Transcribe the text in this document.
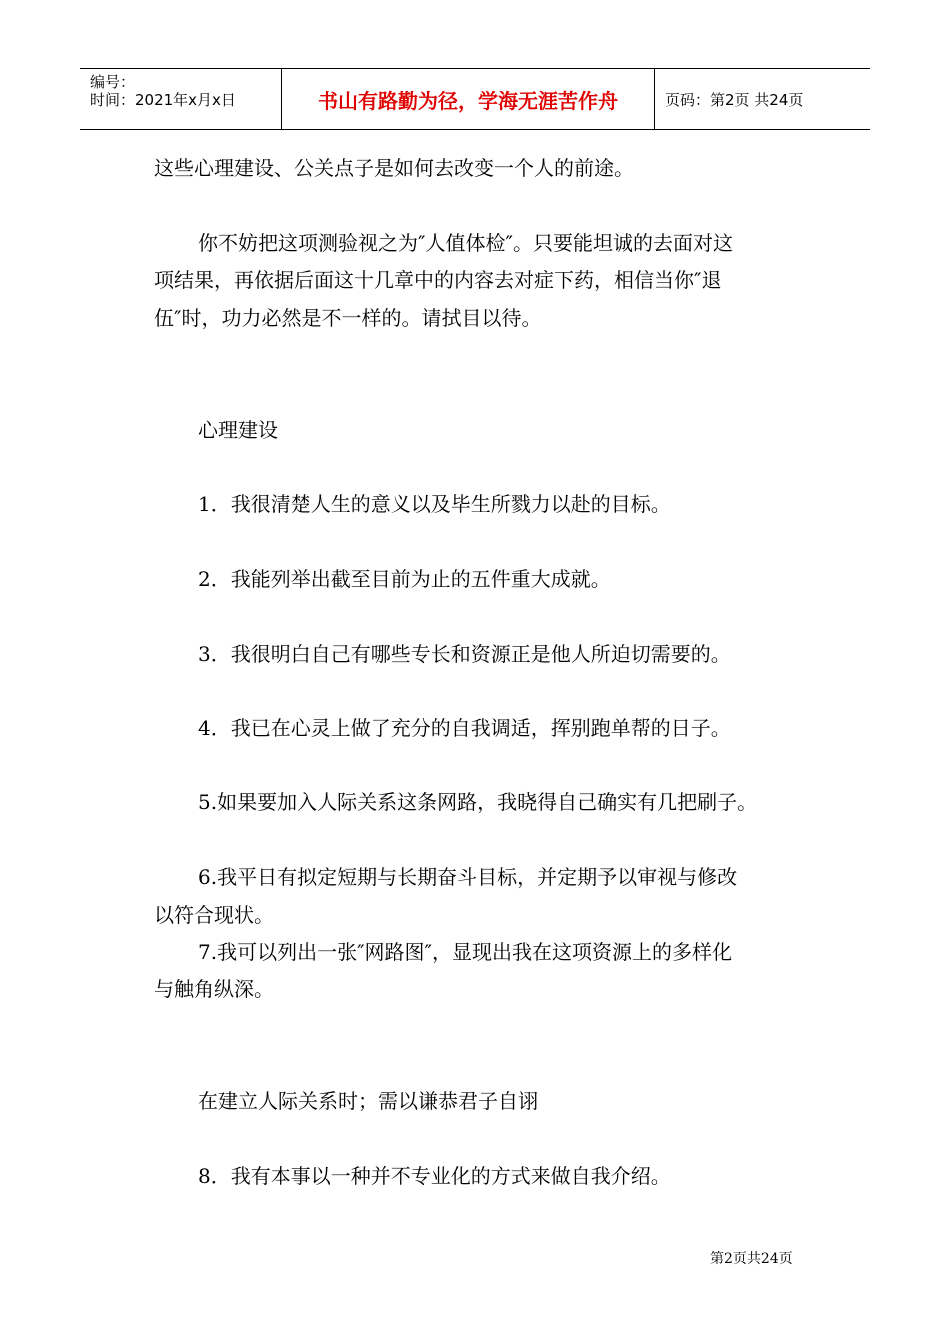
编号：
时间：2021年x月x日	书山有路勤为径，学海无涯苦作舟	页码：第2页 共24页
这些心理建设、公关点子是如何去改变一个人的前途。
你不妨把这项测验视之为″人值体检″。只要能坦诚的去面对这
项结果，再依据后面这十几章中的内容去对症下药，相信当你″退
伍″时，功力必然是不一样的。请拭目以待。
心理建设
1．我很清楚人生的意义以及毕生所戮力以赴的目标。
2．我能列举出截至目前为止的五件重大成就。
3．我很明白自己有哪些专长和资源正是他人所迫切需要的。
4．我已在心灵上做了充分的自我调适，挥别跑单帮的日子。
5.如果要加入人际关系这条网路，我晓得自己确实有几把刷子。
6.我平日有拟定短期与长期奋斗目标，并定期予以审视与修改
以符合现状。
7.我可以列出一张″网路图″，显现出我在这项资源上的多样化
与触角纵深。
在建立人际关系时；需以谦恭君子自诩
8．我有本事以一种并不专业化的方式来做自我介绍。
第2页共24页
